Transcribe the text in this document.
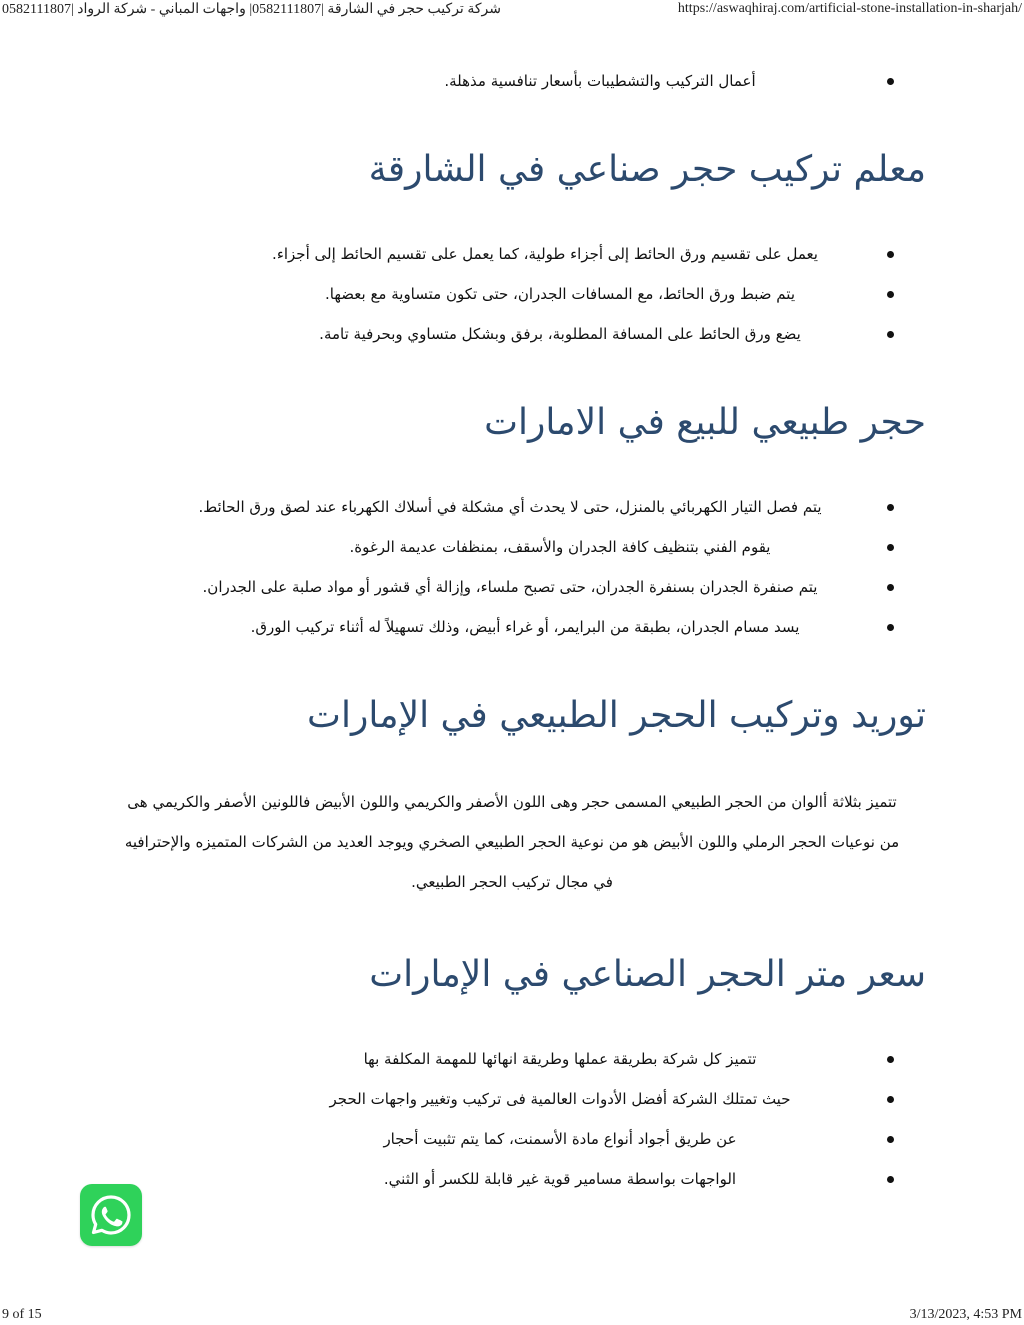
شركة تركيب حجر في الشارقة |0582111807| واجهات المباني - شركة الرواد |0582111807	https://aswaqhiraj.com/artificial-stone-installation-in-sharjah/
أعمال التركيب والتشطيبات بأسعار تنافسية مذهلة.
معلم تركيب حجر صناعي في الشارقة
يعمل على تقسيم ورق الحائط إلى أجزاء طولية، كما يعمل على تقسيم الحائط إلى أجزاء.
يتم ضبط ورق الحائط، مع المسافات الجدران، حتى تكون متساوية مع بعضها.
يضع ورق الحائط على المسافة المطلوبة، برفق وبشكل متساوي وبحرفية تامة.
حجر طبيعي للبيع في الامارات
يتم فصل التيار الكهربائي بالمنزل، حتى لا يحدث أي مشكلة في أسلاك الكهرباء عند لصق ورق الحائط.
يقوم الفني بتنظيف كافة الجدران والأسقف، بمنظفات عديمة الرغوة.
يتم صنفرة الجدران بسنفرة الجدران، حتى تصبح ملساء، وإزالة أي قشور أو مواد صلبة على الجدران.
يسد مسام الجدران، بطبقة من البرايمر، أو غراء أبيض، وذلك تسهيلاً له أثناء تركيب الورق.
توريد وتركيب الحجر الطبيعي في الإمارات

تتميز بثلاثة أالوان من الحجر الطبيعي المسمى حجر وهى اللون الأصفر والكريمي واللون الأبيض فاللونين الأصفر والكريمي هى

من نوعيات الحجر الرملي واللون الأبيض هو من نوعية الحجر الطبيعي الصخري ويوجد العديد من الشركات المتميزه والإحترافيه

في مجال تركيب الحجر الطبيعي.

سعر متر الحجر الصناعي في الإمارات
تتميز كل شركة بطريقة عملها وطريقة انهائها للمهمة المكلفة بها
حيث تمتلك الشركة أفضل الأدوات العالمية فى تركيب وتغيير واجهات الحجر
عن طريق أجواد أنواع مادة الأسمنت، كما يتم تثبيت أحجار
الواجهات بواسطة مسامير قوية غير قابلة للكسر أو الثني.
9 of 15	3/13/2023, 4:53 PM
